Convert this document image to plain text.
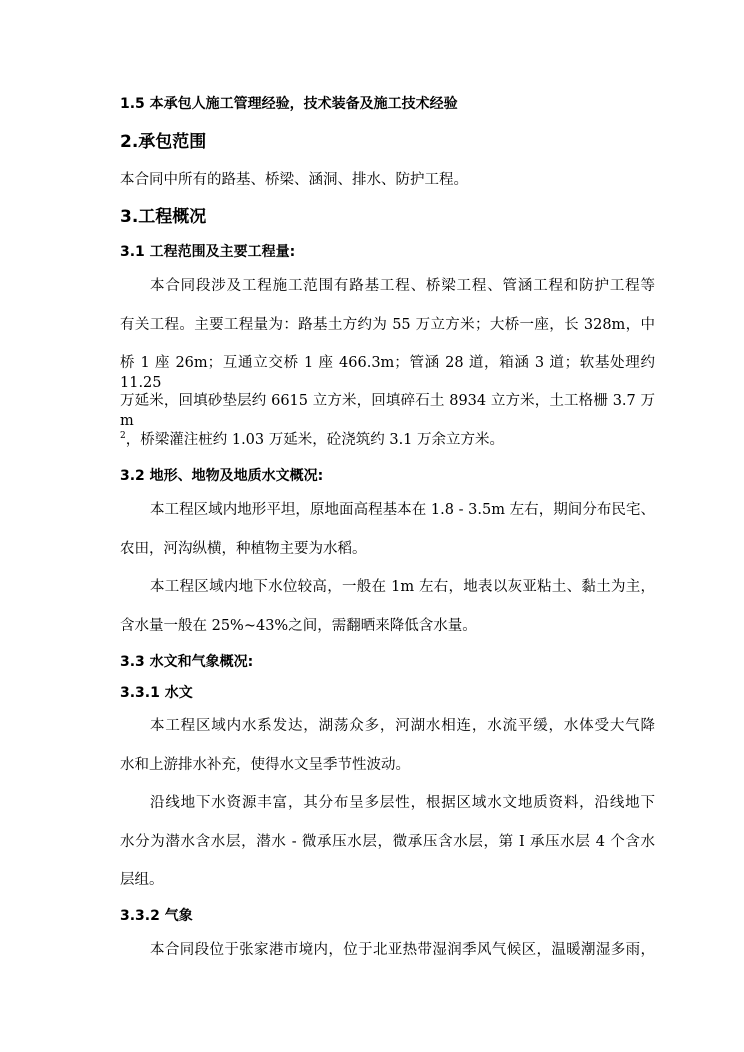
1.5 本承包人施工管理经验，技术装备及施工技术经验
2.承包范围
本合同中所有的路基、桥梁、涵洞、排水、防护工程。
3.工程概况
3.1 工程范围及主要工程量:
本合同段涉及工程施工范围有路基工程、桥梁工程、管涵工程和防护工程等
有关工程。主要工程量为：路基土方约为 55 万立方米；大桥一座，长 328m，中
桥 1 座 26m；互通立交桥 1 座 466.3m；管涵 28 道，箱涵 3 道；软基处理约 11.25
万延米，回填砂垫层约 6615 立方米，回填碎石土 8934 立方米，土工格栅 3.7 万 m
$^2$，桥梁灌注桩约 1.03 万延米，砼浇筑约 3.1 万余立方米。
3.2 地形、地物及地质水文概况:
本工程区域内地形平坦，原地面高程基本在 1.8 - 3.5m 左右，期间分布民宅、
农田，河沟纵横，种植物主要为水稻。
本工程区域内地下水位较高，一般在 1m 左右，地表以灰亚粘土、黏土为主，
含水量一般在 25%~43%之间，需翻晒来降低含水量。
3.3 水文和气象概况:
3.3.1 水文
本工程区域内水系发达，湖荡众多，河湖水相连，水流平缓，水体受大气降
水和上游排水补充，使得水文呈季节性波动。
沿线地下水资源丰富，其分布呈多层性，根据区域水文地质资料，沿线地下
水分为潜水含水层，潜水 - 微承压水层，微承压含水层，第 I 承压水层 4 个含水
层组。
3.3.2 气象
本合同段位于张家港市境内，位于北亚热带湿润季风气候区，温暖潮湿多雨，
